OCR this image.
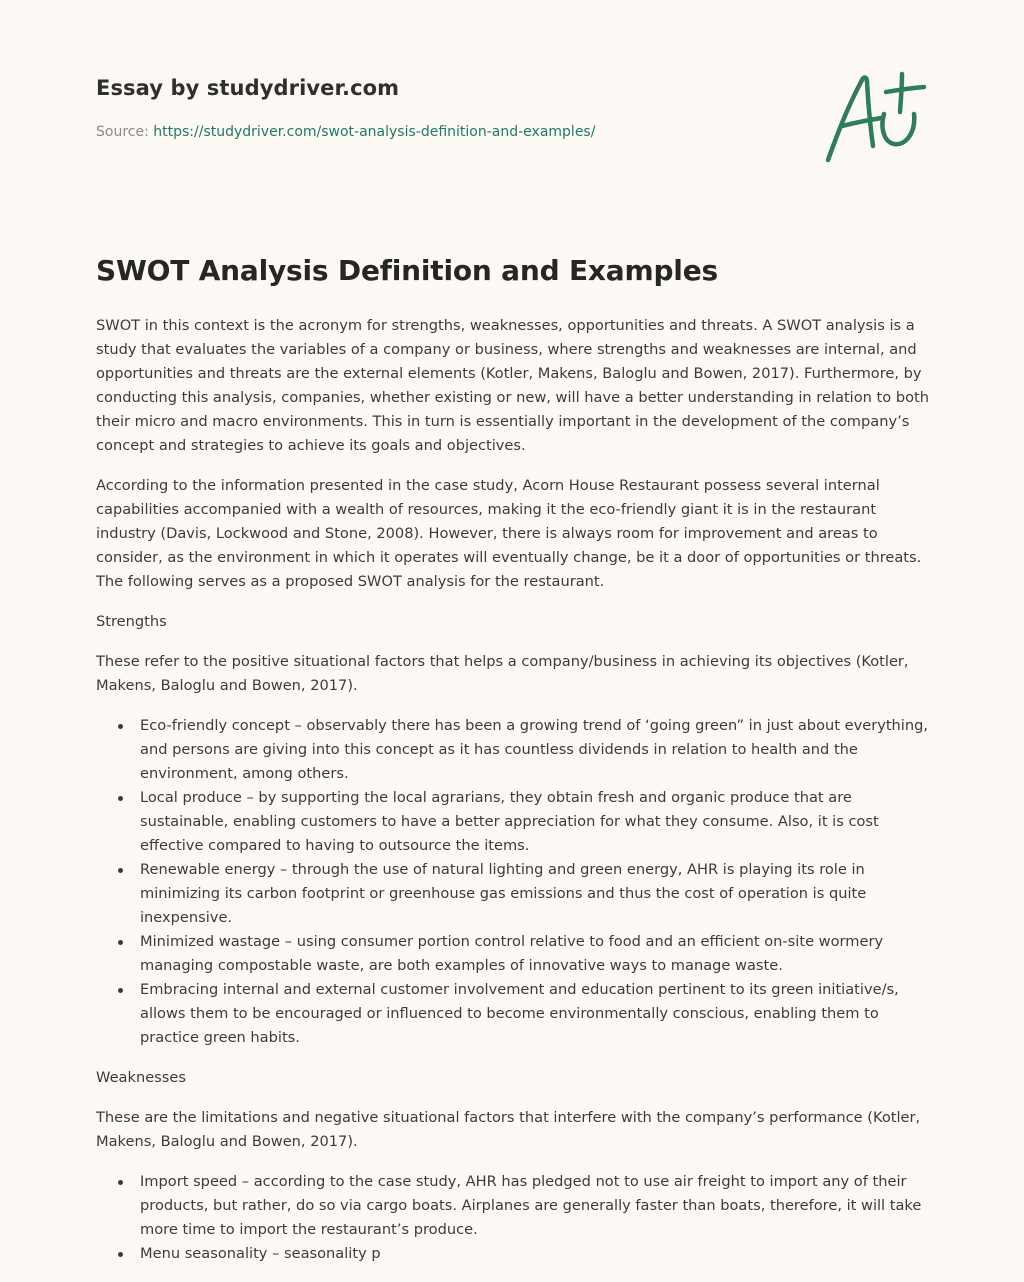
Essay by studydriver.com

Source: https://studydriver.com/swot-analysis-definition-and-examples/

SWOT Analysis Definition and Examples

SWOT in this context is the acronym for strengths, weaknesses, opportunities and threats. A SWOT analysis is a study that evaluates the variables of a company or business, where strengths and weaknesses are internal, and opportunities and threats are the external elements (Kotler, Makens, Baloglu and Bowen, 2017). Furthermore, by conducting this analysis, companies, whether existing or new, will have a better understanding in relation to both their micro and macro environments. This in turn is essentially important in the development of the company’s concept and strategies to achieve its goals and objectives.

According to the information presented in the case study, Acorn House Restaurant possess several internal capabilities accompanied with a wealth of resources, making it the eco-friendly giant it is in the restaurant industry (Davis, Lockwood and Stone, 2008). However, there is always room for improvement and areas to consider, as the environment in which it operates will eventually change, be it a door of opportunities or threats. The following serves as a proposed SWOT analysis for the restaurant.

Strengths

These refer to the positive situational factors that helps a company/business in achieving its objectives (Kotler, Makens, Baloglu and Bowen, 2017).

Eco-friendly concept – observably there has been a growing trend of ‘going green” in just about everything, and persons are giving into this concept as it has countless dividends in relation to health and the environment, among others.
Local produce – by supporting the local agrarians, they obtain fresh and organic produce that are sustainable, enabling customers to have a better appreciation for what they consume. Also, it is cost effective compared to having to outsource the items.
Renewable energy – through the use of natural lighting and green energy, AHR is playing its role in minimizing its carbon footprint or greenhouse gas emissions and thus the cost of operation is quite inexpensive.
Minimized wastage – using consumer portion control relative to food and an efficient on-site wormery managing compostable waste, are both examples of innovative ways to manage waste.
Embracing internal and external customer involvement and education pertinent to its green initiative/s, allows them to be encouraged or influenced to become environmentally conscious, enabling them to practice green habits.

Weaknesses

These are the limitations and negative situational factors that interfere with the company’s performance (Kotler, Makens, Baloglu and Bowen, 2017).

Import speed – according to the case study, AHR has pledged not to use air freight to import any of their products, but rather, do so via cargo boats. Airplanes are generally faster than boats, therefore, it will take more time to import the restaurant’s produce.
Menu seasonality – seasonality p
